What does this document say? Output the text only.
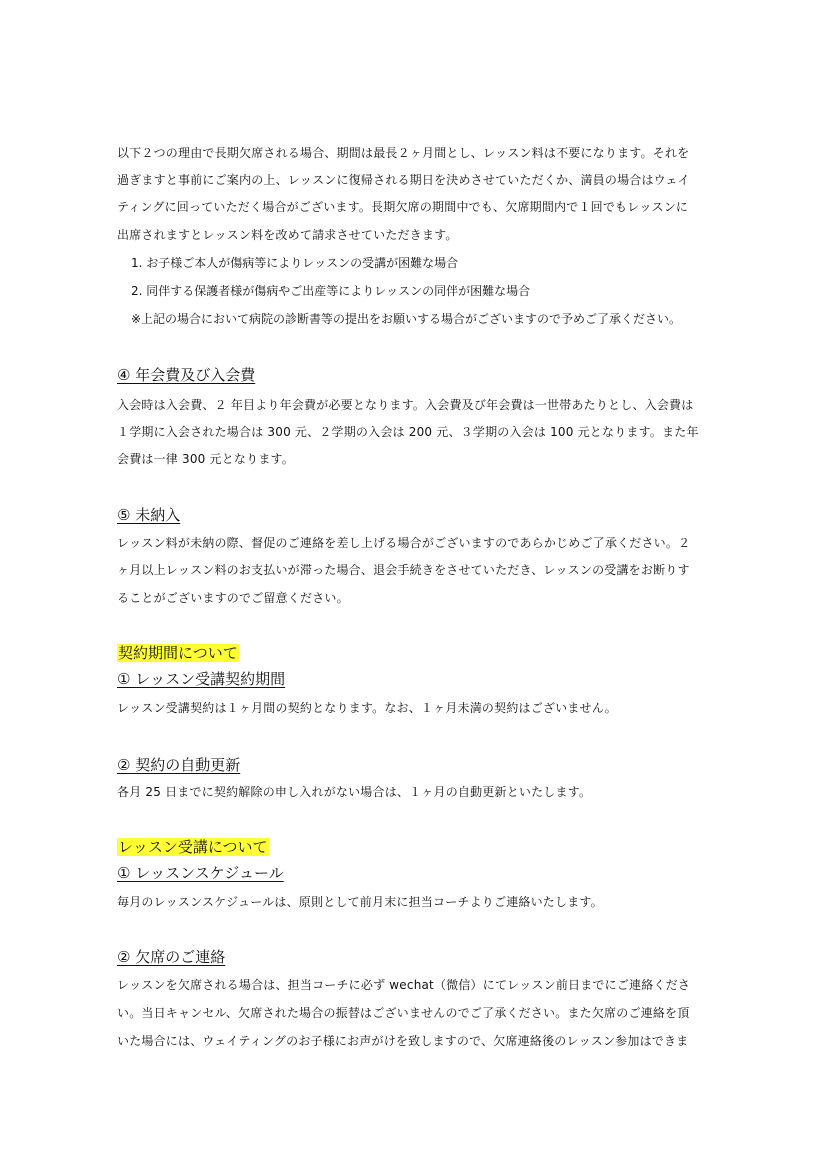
以下２つの理由で長期欠席される場合、期間は最長２ヶ月間とし、レッスン料は不要になります。それを
過ぎますと事前にご案内の上、レッスンに復帰される期日を決めさせていただくか、満員の場合はウェイ
ティングに回っていただく場合がございます。長期欠席の期間中でも、欠席期間内で１回でもレッスンに
出席されますとレッスン料を改めて請求させていただきます。
1. お子様ご本人が傷病等によりレッスンの受講が困難な場合
2. 同伴する保護者様が傷病やご出産等によりレッスンの同伴が困難な場合
※上記の場合において病院の診断書等の提出をお願いする場合がございますので予めご了承ください。
④ 年会費及び入会費
入会時は入会費、２ 年目より年会費が必要となります。入会費及び年会費は一世帯あたりとし、入会費は
１学期に入会された場合は 300 元、２学期の入会は 200 元、３学期の入会は 100 元となります。また年
会費は一律 300 元となります。
⑤ 未納入
レッスン料が未納の際、督促のご連絡を差し上げる場合がございますのであらかじめご了承ください。２
ヶ月以上レッスン料のお支払いが滞った場合、退会手続きをさせていただき、レッスンの受講をお断りす
ることがございますのでご留意ください。
契約期間について
① レッスン受講契約期間
レッスン受講契約は１ヶ月間の契約となります。なお、１ヶ月未満の契約はございません。
② 契約の自動更新
各月 25 日までに契約解除の申し入れがない場合は、１ヶ月の自動更新といたします。
レッスン受講について
① レッスンスケジュール
毎月のレッスンスケジュールは、原則として前月末に担当コーチよりご連絡いたします。
② 欠席のご連絡
レッスンを欠席される場合は、担当コーチに必ず wechat（微信）にてレッスン前日までにご連絡くださ
い。当日キャンセル、欠席された場合の振替はございませんのでご了承ください。また欠席のご連絡を頂
いた場合には、ウェイティングのお子様にお声がけを致しますので、欠席連絡後のレッスン参加はできま
